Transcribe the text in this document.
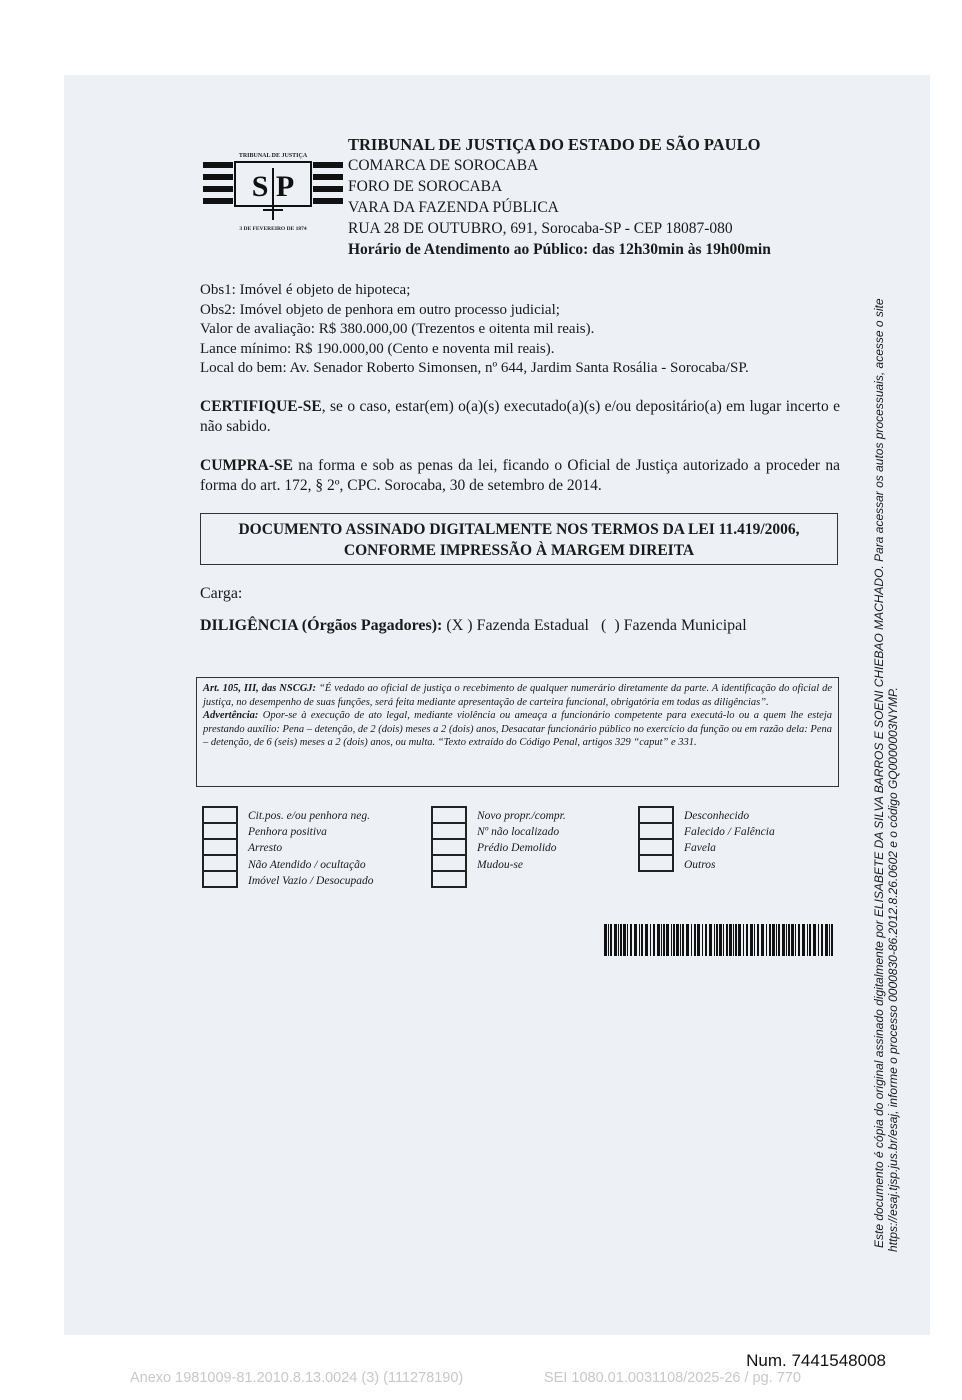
TRIBUNAL DE JUSTIÇA
S P
3 DE FEVEREIRO DE 1874
TRIBUNAL DE JUSTIÇA DO ESTADO DE SÃO PAULO
COMARCA DE SOROCABA
FORO DE SOROCABA
VARA DA FAZENDA PÚBLICA
RUA 28 DE OUTUBRO, 691, Sorocaba-SP - CEP 18087-080
Horário de Atendimento ao Público: das 12h30min às 19h00min
Obs1: Imóvel é objeto de hipoteca;
Obs2: Imóvel objeto de penhora em outro processo judicial;
Valor de avaliação: R$ 380.000,00 (Trezentos e oitenta mil reais).
Lance mínimo: R$ 190.000,00 (Cento e noventa mil reais).
Local do bem: Av. Senador Roberto Simonsen, nº 644, Jardim Santa Rosália - Sorocaba/SP.
CERTIFIQUE-SE, se o caso, estar(em) o(a)(s) executado(a)(s) e/ou depositário(a) em lugar incerto e não sabido.
CUMPRA-SE na forma e sob as penas da lei, ficando o Oficial de Justiça autorizado a proceder na forma do art. 172, § 2º, CPC. Sorocaba, 30 de setembro de 2014.
DOCUMENTO ASSINADO DIGITALMENTE NOS TERMOS DA LEI 11.419/2006,
CONFORME IMPRESSÃO À MARGEM DIREITA
Carga:
DILIGÊNCIA (Órgãos Pagadores): (X ) Fazenda Estadual   (  ) Fazenda Municipal
Art. 105, III, das NSCGJ: “É vedado ao oficial de justiça o recebimento de qualquer numerário diretamente da parte. A identificação do oficial de justiça, no desempenho de suas funções, será feita mediante apresentação de carteira funcional, obrigatória em todas as diligências”.
Advertência: Opor-se à execução de ato legal, mediante violência ou ameaça a funcionário competente para executá-lo ou a quem lhe esteja prestando auxílio: Pena – detenção, de 2 (dois) meses a 2 (dois) anos, Desacatar funcionário público no exercício da função ou em razão dela: Pena – detenção, de 6 (seis) meses a 2 (dois) anos, ou multa. “Texto extraído do Código Penal, artigos 329 “caput” e 331.
Cit.pos. e/ou penhora neg.
Penhora positiva
Arresto
Não Atendido / ocultação
Imóvel Vazio / Desocupado
Novo propr./compr.
Nº não localizado
Prédio Demolido
Mudou-se
Desconhecido
Falecido / Falência
Favela
Outros	Este documento é cópia do original assinado digitalmente por ELISABETE DA SILVA BARROS E SOENI CHIEBAO MACHADO. Para acessar os autos processuais, acesse o site https://esaj.tjsp.jus.br/esaj, informe o processo 0000830-86.2012.8.26.0602 e o código GQ0000003NYMP.
Num. 7441548008
Anexo 1981009-81.2010.8.13.0024 (3) (111278190)	SEI 1080.01.0031108/2025-26 / pg. 770
